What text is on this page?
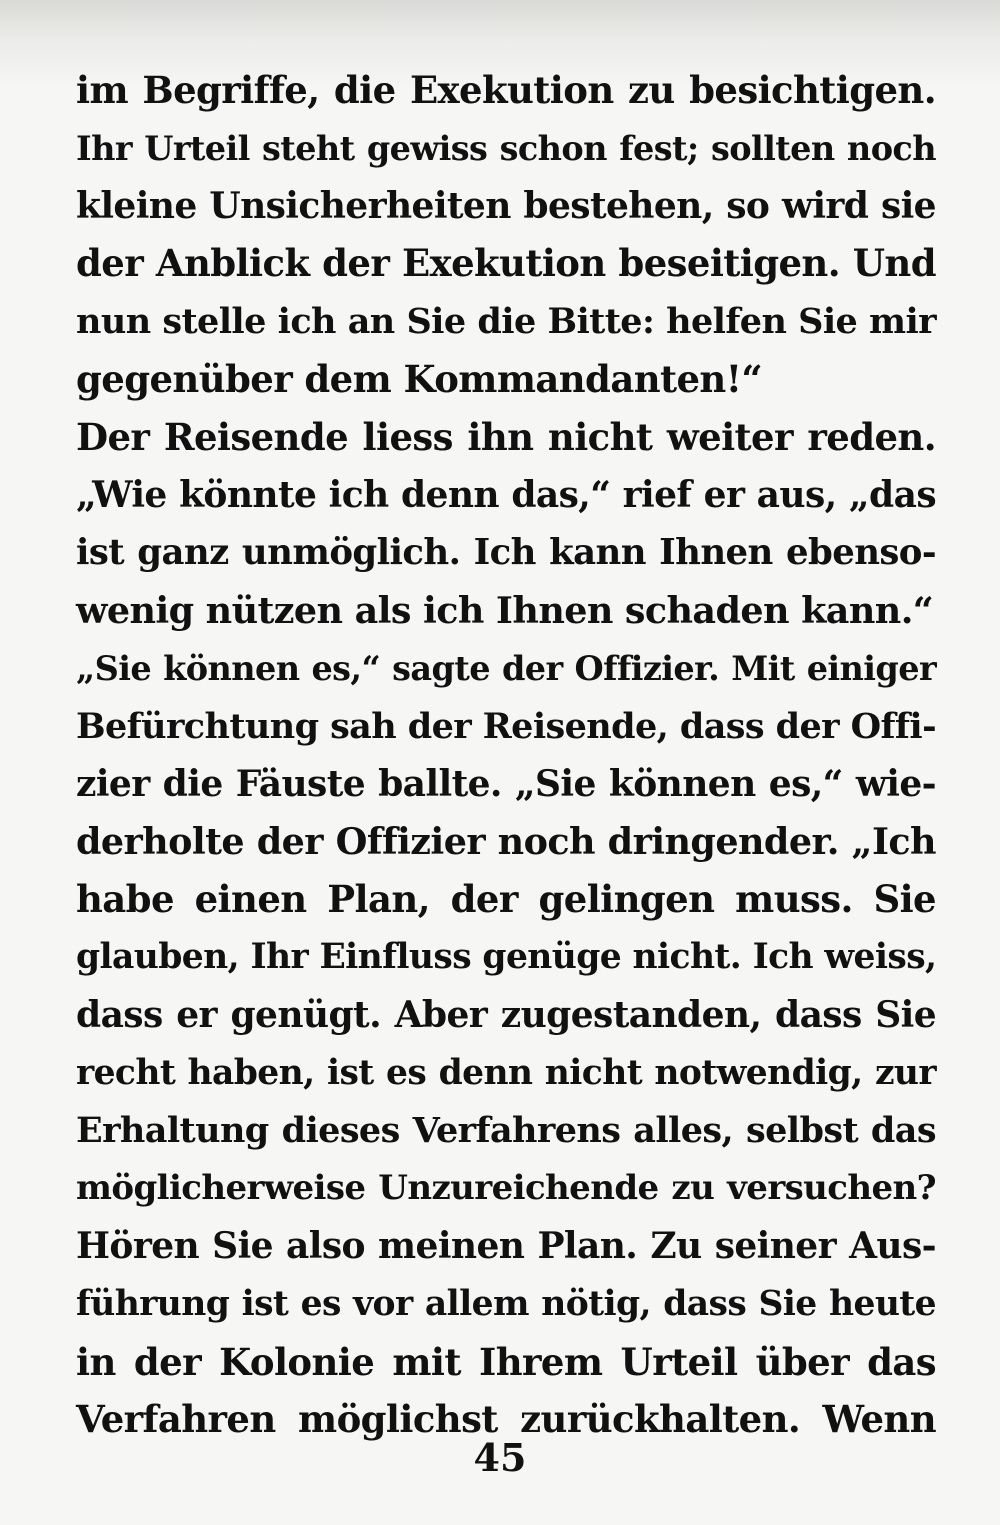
im Begriffe, die Exekution zu besichtigen.
Ihr Urteil steht gewiss schon fest; sollten noch
kleine Unsicherheiten bestehen, so wird sie
der Anblick der Exekution beseitigen. Und
nun stelle ich an Sie die Bitte: helfen Sie mir
gegenüber dem Kommandanten!“
Der Reisende liess ihn nicht weiter reden.
„Wie könnte ich denn das,“ rief er aus, „das
ist ganz unmöglich. Ich kann Ihnen ebenso-
wenig nützen als ich Ihnen schaden kann.“
„Sie können es,“ sagte der Offizier. Mit einiger
Befürchtung sah der Reisende, dass der Offi-
zier die Fäuste ballte. „Sie können es,“ wie-
derholte der Offizier noch dringender. „Ich
habe einen Plan, der gelingen muss. Sie
glauben, Ihr Einfluss genüge nicht. Ich weiss,
dass er genügt. Aber zugestanden, dass Sie
recht haben, ist es denn nicht notwendig, zur
Erhaltung dieses Verfahrens alles, selbst das
möglicherweise Unzureichende zu versuchen?
Hören Sie also meinen Plan. Zu seiner Aus-
führung ist es vor allem nötig, dass Sie heute
in der Kolonie mit Ihrem Urteil über das
Verfahren möglichst zurückhalten. Wenn
45
